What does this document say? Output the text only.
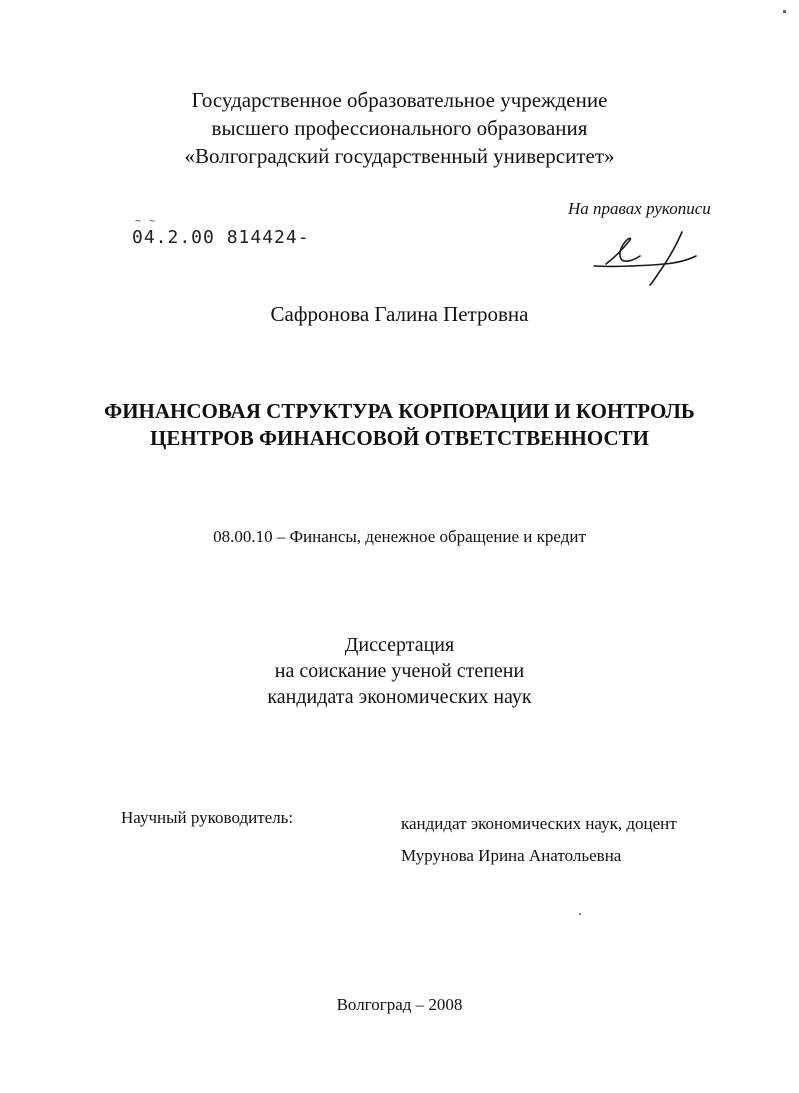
Государственное образовательное учреждение
высшего профессионального образования
«Волгоградский государственный университет»
На правах рукописи
~ ~
04.2.00 814424-
Сафронова Галина Петровна
ФИНАНСОВАЯ СТРУКТУРА КОРПОРАЦИИ И КОНТРОЛЬ
ЦЕНТРОВ ФИНАНСОВОЙ ОТВЕТСТВЕННОСТИ
08.00.10 – Финансы, денежное обращение и кредит
Диссертация
на соискание ученой степени
кандидата экономических наук
Научный руководитель:	кандидат экономических наук, доцент
Мурунова Ирина Анатольевна
Волгоград – 2008
